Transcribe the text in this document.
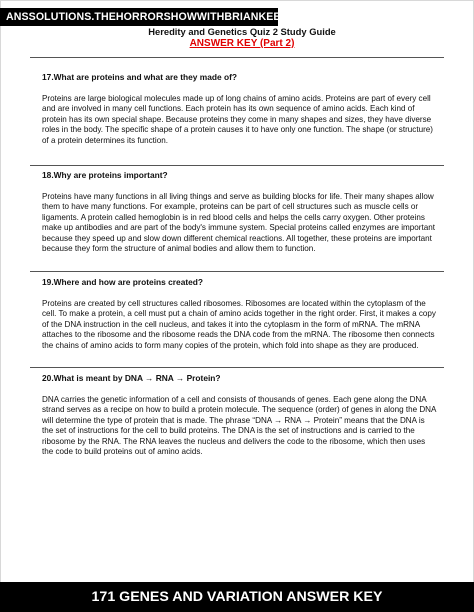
ANSSOLUTIONS.THEHORRORSHOWWITHBRIANKEENE.COM
Heredity and Genetics Quiz 2 Study Guide
ANSWER KEY (Part 2)

17.What are proteins and what are they made of?

Proteins are large biological molecules made up of long chains of amino acids. Proteins are part of every cell and are involved in many cell functions. Each protein has its own sequence of amino acids. Each kind of protein has its own special shape. Because proteins they come in many shapes and sizes, they have diverse roles in the body. The specific shape of a protein causes it to have only one function. The shape (or structure) of a protein determines its function.

18.Why are proteins important?

Proteins have many functions in all living things and serve as building blocks for life. Their many shapes allow them to have many functions. For example, proteins can be part of cell structures such as muscle cells or ligaments. A protein called hemoglobin is in red blood cells and helps the cells carry oxygen. Other proteins make up antibodies and are part of the body's immune system. Special proteins called enzymes are important because they speed up and slow down different chemical reactions. All together, these proteins are important because they form the structure of animal bodies and allow them to function.

19.Where and how are proteins created?

Proteins are created by cell structures called ribosomes. Ribosomes are located within the cytoplasm of the cell. To make a protein, a cell must put a chain of amino acids together in the right order. First, it makes a copy of the DNA instruction in the cell nucleus, and takes it into the cytoplasm in the form of mRNA. The mRNA attaches to the ribosome and the ribosome reads the DNA code from the mRNA. The ribosome then connects the chains of amino acids to form many copies of the protein, which fold into shape as they are produced.

20.What is meant by DNA → RNA → Protein?

DNA carries the genetic information of a cell and consists of thousands of genes. Each gene along the DNA strand serves as a recipe on how to build a protein molecule. The sequence (order) of genes in along the DNA will determine the type of protein that is made. The phrase “DNA → RNA → Protein” means that the DNA is the set of instructions for the cell to build proteins. The DNA is the set of instructions and is carried to the ribosome by the RNA. The RNA leaves the nucleus and delivers the code to the ribosome, which then uses the code to build proteins out of amino acids.

171 GENES AND VARIATION ANSWER KEY
